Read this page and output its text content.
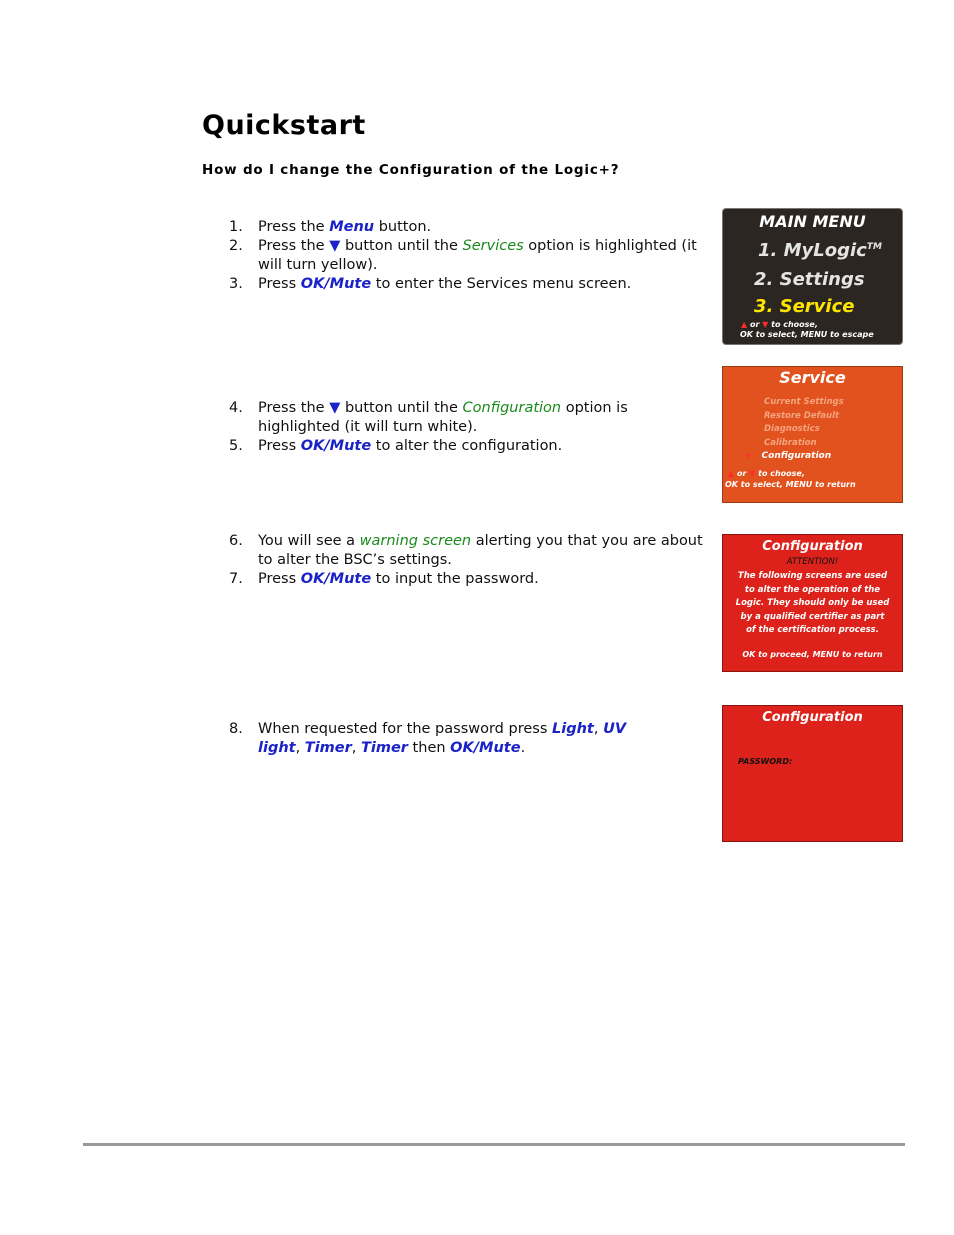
Quickstart
How do I change the Configuration of the Logic+?
1.	Press the Menu button.
2.	Press the ▼ button until the Services option is highlighted (it will turn yellow).
3.	Press OK/Mute to enter the Services menu screen.
4.	Press the ▼ button until the Configuration option is highlighted (it will turn white).
5.	Press OK/Mute to alter the configuration.
6.	You will see a warning screen alerting you that you are about to alter the BSC’s settings.
7.	Press OK/Mute to input the password.
8.	When requested for the password press Light, UV light, Timer, Timer then OK/Mute.
MAIN MENU
1. MyLogic™
2. Settings
3. Service
▲ or ▼ to choose,
OK to select, MENU to escape
Service
Current Settings
Restore Default
Diagnostics
Calibration
▸ Configuration
▲ or ▼ to choose,
OK to select, MENU to return
Configuration
ATTENTION!
The following screens are used
to alter the operation of the
Logic. They should only be used
by a qualified certifier as part
of the certification process.
OK to proceed, MENU to return
Configuration
PASSWORD:
